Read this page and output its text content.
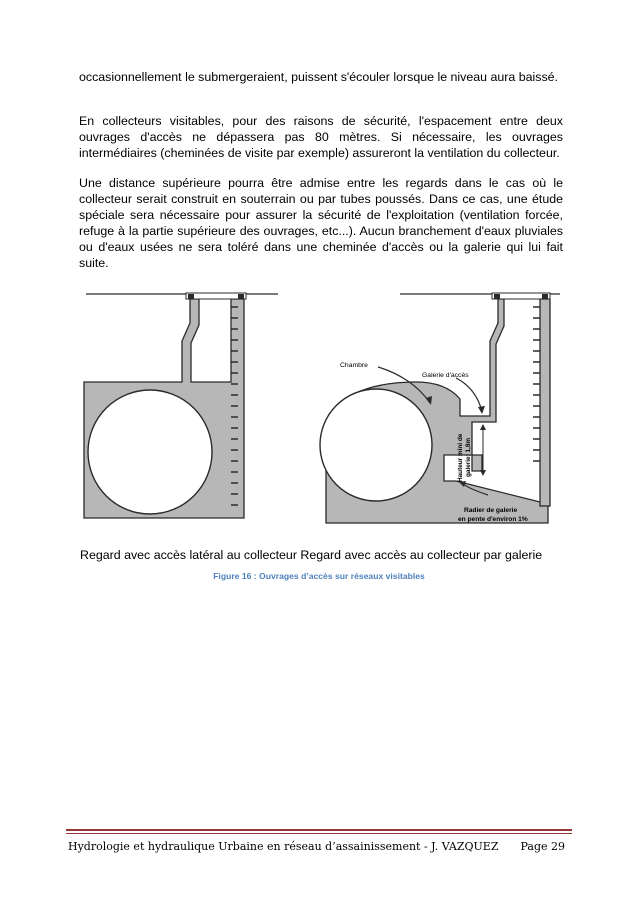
occasionnellement le submergeraient, puissent s'écouler lorsque le niveau aura baissé.

En collecteurs visitables, pour des raisons de sécurité, l'espacement entre deux ouvrages d'accès ne dépassera pas 80 mètres. Si nécessaire, les ouvrages intermédiaires (cheminées de visite par exemple) assureront la ventilation du collecteur.

Une distance supérieure pourra être admise entre les regards dans le cas où le collecteur serait construit en souterrain ou par tubes poussés. Dans ce cas, une étude spéciale sera nécessaire pour assurer la sécurité de l'exploitation (ventilation forcée, refuge à la partie supérieure des ouvrages, etc...). Aucun branchement d'eaux pluviales ou d'eaux usées ne sera toléré dans une cheminée d'accès ou la galerie qui lui fait suite.

Chambre
Galerie d'accès
Hauteur mini de galerie: 1,8m
Radier de galerie
en pente d'environ 1%
Regard avec accès latéral au collecteur Regard avec accès au collecteur par galerie
Figure 16 : Ouvrages d’accès sur réseaux visitables
Hydrologie et hydraulique Urbaine en réseau d’assainissement - J. VAZQUEZ Page 29
